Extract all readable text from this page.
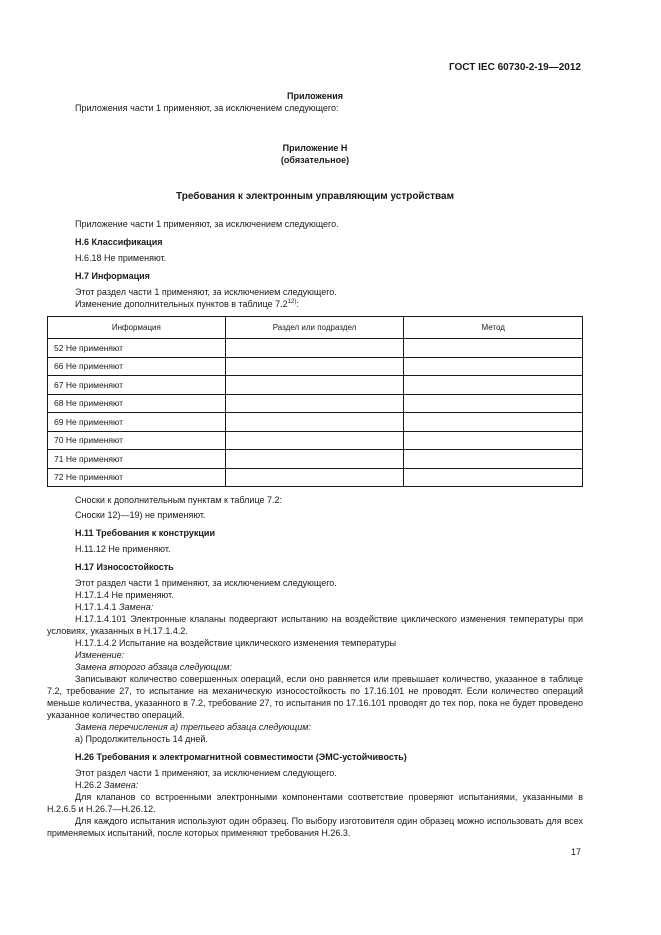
ГОСТ IEC 60730-2-19—2012

Приложения

Приложения части 1 применяют, за исключением следующего:

Приложение Н

(обязательное)

Требования к электронным управляющим устройствам

Приложение части 1 применяют, за исключением следующего.

Н.6 Классификация

Н.6.18 Не применяют.

Н.7 Информация

Этот раздел части 1 применяют, за исключением следующего.

Изменение дополнительных пунктов в таблице 7.2$^{12)}$:

Информация	Раздел или подраздел	Метод
52 Не применяют		
66 Не применяют		
67 Не применяют		
68 Не применяют		
69 Не применяют		
70 Не применяют		
71 Не применяют		
72 Не применяют		

Сноски к дополнительным пунктам к таблице 7.2:

Сноски 12)—19) не применяют.

Н.11 Требования к конструкции

Н.11.12 Не применяют.

Н.17 Износостойкость

Этот раздел части 1 применяют, за исключением следующего.

Н.17.1.4 Не применяют.

Н.17.1.4.1 Замена:

Н.17.1.4.101 Электронные клапаны подвергают испытанию на воздействие циклического изменения температуры при условиях, указанных в Н.17.1.4.2.

Н.17.1.4.2 Испытание на воздействие циклического изменения температуры

Изменение:

Замена второго абзаца следующим:

Записывают количество совершенных операций, если оно равняется или превышает количество, указанное в таблице 7.2, требование 27, то испытание на механическую износостойкость по 17.16.101 не проводят. Если количество операций меньше количества, указанного в 7.2, требование 27, то испытания по 17.16.101 проводят до тех пор, пока не будет проведено указанное количество операций.

Замена перечисления а) третьего абзаца следующим:

а) Продолжительность 14 дней.

Н.26 Требования к электромагнитной совместимости (ЭМС-устойчивость)

Этот раздел части 1 применяют, за исключением следующего.

Н.26.2 Замена:

Для клапанов со встроенными электронными компонентами соответствие проверяют испытаниями, указанными в Н.2.6.5 и Н.26.7—Н.26.12.

Для каждого испытания используют один образец. По выбору изготовителя один образец можно использовать для всех применяемых испытаний, после которых применяют требования Н.26.3.

17
